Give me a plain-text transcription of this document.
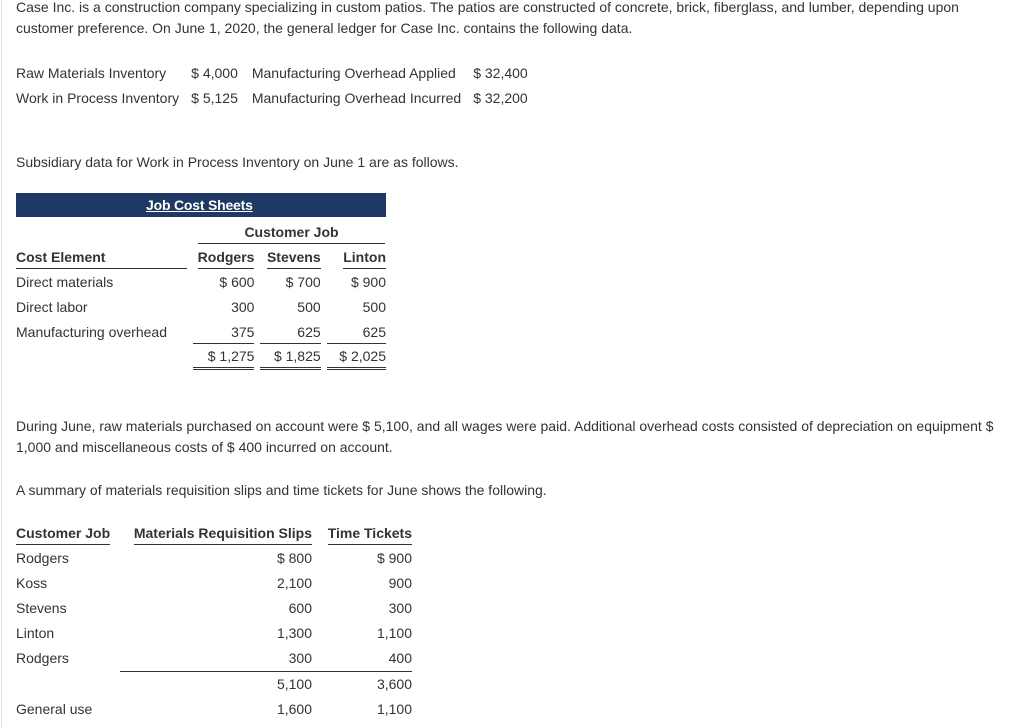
Case Inc. is a construction company specializing in custom patios. The patios are constructed of concrete, brick, fiberglass, and lumber, depending upon customer preference. On June 1, 2020, the general ledger for Case Inc. contains the following data.

Raw Materials Inventory	$ 4,000	Manufacturing Overhead Applied	$ 32,400
Work in Process Inventory	$ 5,125	Manufacturing Overhead Incurred	$ 32,200

Subsidiary data for Work in Process Inventory on June 1 are as follows.

Job Cost Sheets
Customer Job
Cost Element	Rodgers	Stevens	Linton
Direct materials	$ 600	$ 700	$ 900
Direct labor	300	500	500
Manufacturing overhead	375	625	625

	$ 1,275	$ 1,825	$ 2,025

During June, raw materials purchased on account were $ 5,100, and all wages were paid. Additional overhead costs consisted of depreciation on equipment $ 1,000 and miscellaneous costs of $ 400 incurred on account.

A summary of materials requisition slips and time tickets for June shows the following.

Customer Job	Materials Requisition Slips	Time Tickets
Rodgers	$ 800	$ 900
Koss	2,100	900
Stevens	600	300
Linton	1,300	1,100
Rodgers	300	400
	5,100	3,600
General use	1,600	1,100
